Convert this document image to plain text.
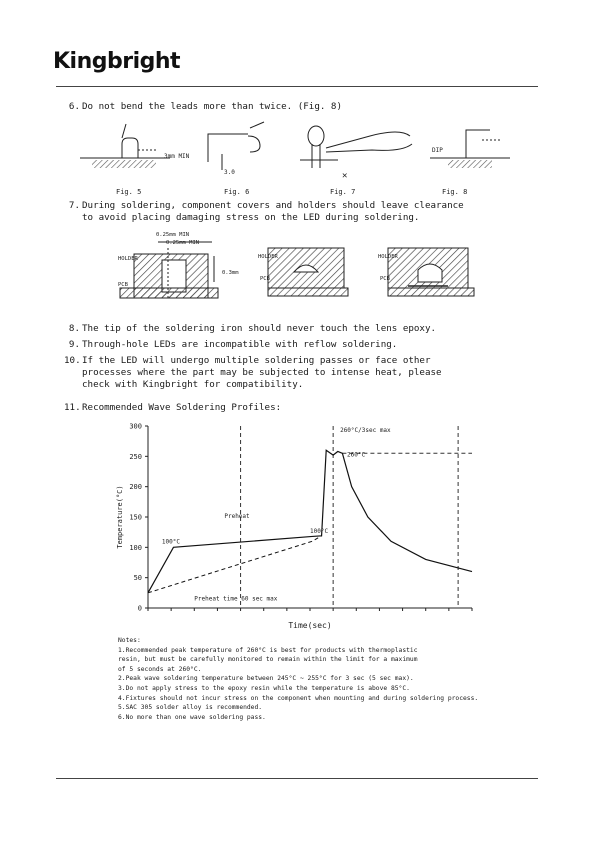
Kingbright
6. Do not bend the leads more than twice. (Fig. 8)
3mm MIN
3.0
DIP
✕
Fig. 5	Fig. 6	Fig. 7	Fig. 8
7. During soldering, component covers and holders should leave clearance
to avoid placing damaging stress on the LED during soldering.
0.25mm MIN
0.25mm MIN
0.3mm
HOLDER
PCB
HOLDER
PCB
HOLDER
PCB
8. The tip of the soldering iron should never touch the lens epoxy.
9. Through-hole LEDs are incompatible with reflow soldering.
10. If the LED will undergo multiple soldering passes or face other
processes where the part may be subjected to intense heat, please
check with Kingbright for compatibility.
11. Recommended Wave Soldering Profiles:
0
50
100
150
200
250
300
260°C/3sec max
260°C
Preheat
100°C
100°C
Preheat time 60 sec max
Temperature(°C)
Time(sec)
Notes:
1.Recommended peak temperature of 260°C is best for products with thermoplastic
resin, but must be carefully monitored to remain within the limit for a maximum
of 5 seconds at 260°C.
2.Peak wave soldering temperature between 245°C ~ 255°C for 3 sec (5 sec max).
3.Do not apply stress to the epoxy resin while the temperature is above 85°C.
4.Fixtures should not incur stress on the component when mounting and during soldering process.
5.SAC 305 solder alloy is recommended.
6.No more than one wave soldering pass.
